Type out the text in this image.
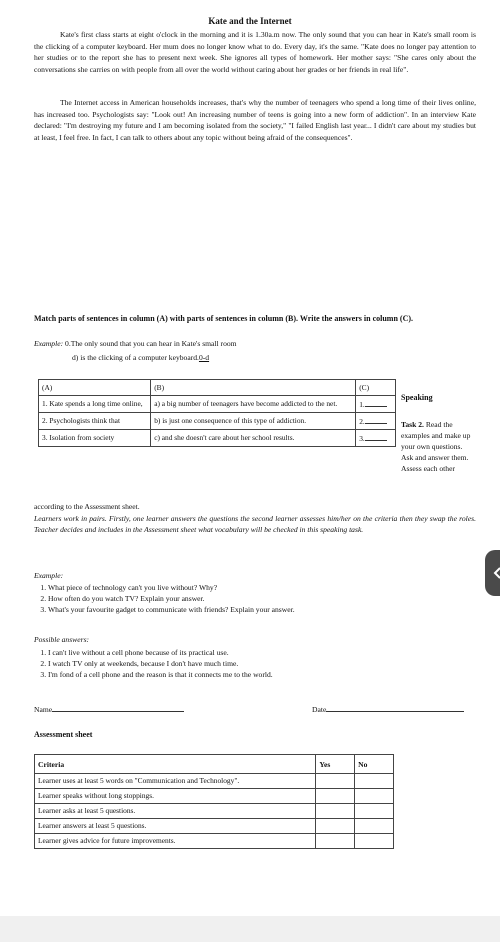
Kate and the Internet

Kate's first class starts at eight o'clock in the morning and it is 1.30a.m now. The only sound that you can hear in Kate's small room is the clicking of a computer keyboard. Her mum does no longer know what to do. Every day, it's the same. "Kate does no longer pay attention to her studies or to the report she has to present next week. She ignores all types of homework. Her mother says: "She cares only about the conversations she carries on with people from all over the world without caring about her grades or her friends in real life".

The Internet access in American households increases, that's why the number of teenagers who spend a long time of their lives online, has increased too. Psychologists say: "Look out! An increasing number of teens is going into a new form of addiction". In an interview Kate declared: "I'm destroying my future and I am becoming isolated from the society," "I failed English last year... I didn't care about my studies but at least, I feel free. In fact, I can talk to others about any topic without being afraid of the consequences".

Match parts of sentences in column (A) with parts of sentences in column (B). Write the answers in column (C).

Example: 0.The only sound that you can hear in Kate's small room
d) is the clicking of a computer keyboard.0-d
(A)	(B)	(C)
1. Kate spends a long time online,	a) a big number of teenagers have become addicted to the net.	1.
2. Psychologists think that	b) is just one consequence of this type of addiction.	2.
3. Isolation from society	c) and she doesn't care about her school results.	3.
Speaking
Task 2. Read the examples and make up your own questions. Ask and answer them. Assess each other
according to the Assessment sheet.
Learners work in pairs. Firstly, one learner answers the questions the second learner assesses him/her on the criteria then they swap the roles. Teacher decides and includes in the Assessment sheet what vocabulary will be checked in this speaking task.
Example:
1. What piece of technology can't you live without? Why?
2. How often do you watch TV? Explain your answer.
3. What's your favourite gadget to communicate with friends? Explain your answer.
Possible answers:
1. I can't live without a cell phone because of its practical use.
2. I watch TV only at weekends, because I don't have much time.
3. I'm fond of a cell phone and the reason is that it connects me to the world.
Name	Date
Assessment sheet
Criteria	Yes	No
Learner uses at least 5 words on "Communication and Technology".		
Learner speaks without long stoppings.		
Learner asks at least 5 questions.		
Learner answers at least 5 questions.		
Learner gives advice for future improvements.		
